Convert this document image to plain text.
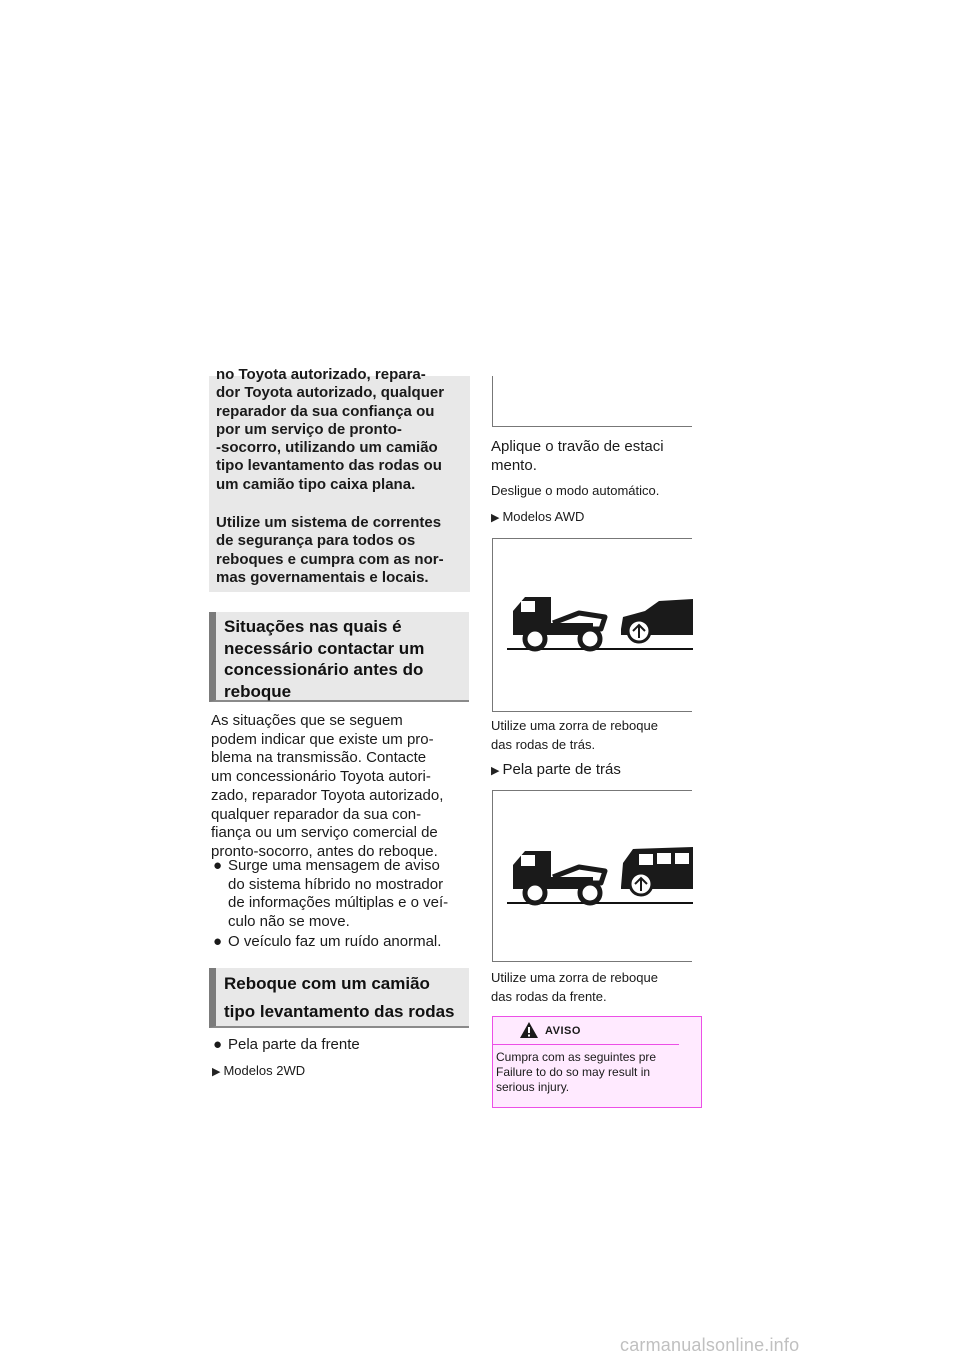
no Toyota autorizado, repara-
dor Toyota autorizado, qualquer
reparador da sua confiança ou
por um serviço de pronto-
-socorro, utilizando um camião
tipo levantamento das rodas ou
um camião tipo caixa plana.
Utilize um sistema de correntes
de segurança para todos os
reboques e cumpra com as nor-
mas governamentais e locais.
Situações nas quais é
necessário contactar um
concessionário antes do
reboque
As situações que se seguem
podem indicar que existe um pro-
blema na transmissão. Contacte
um concessionário Toyota autori-
zado, reparador Toyota autorizado,
qualquer reparador da sua con-
fiança ou um serviço comercial de
pronto-socorro, antes do reboque.
● Surge uma mensagem de aviso
do sistema híbrido no mostrador
de informações múltiplas e o veí-
culo não se move.
● O veículo faz um ruído anormal.
Reboque com um camião
tipo levantamento das rodas
● Pela parte da frente
▶ Modelos 2WD
Aplique o travão de estaci
mento.
Desligue o modo automático.
▶ Modelos AWD
Utilize uma zorra de reboque
das rodas de trás.
▶ Pela parte de trás
Utilize uma zorra de reboque
das rodas da frente.
AVISO
Cumpra com as seguintes pre
Failure to do so may result in
serious injury.
carmanualsonline.info
